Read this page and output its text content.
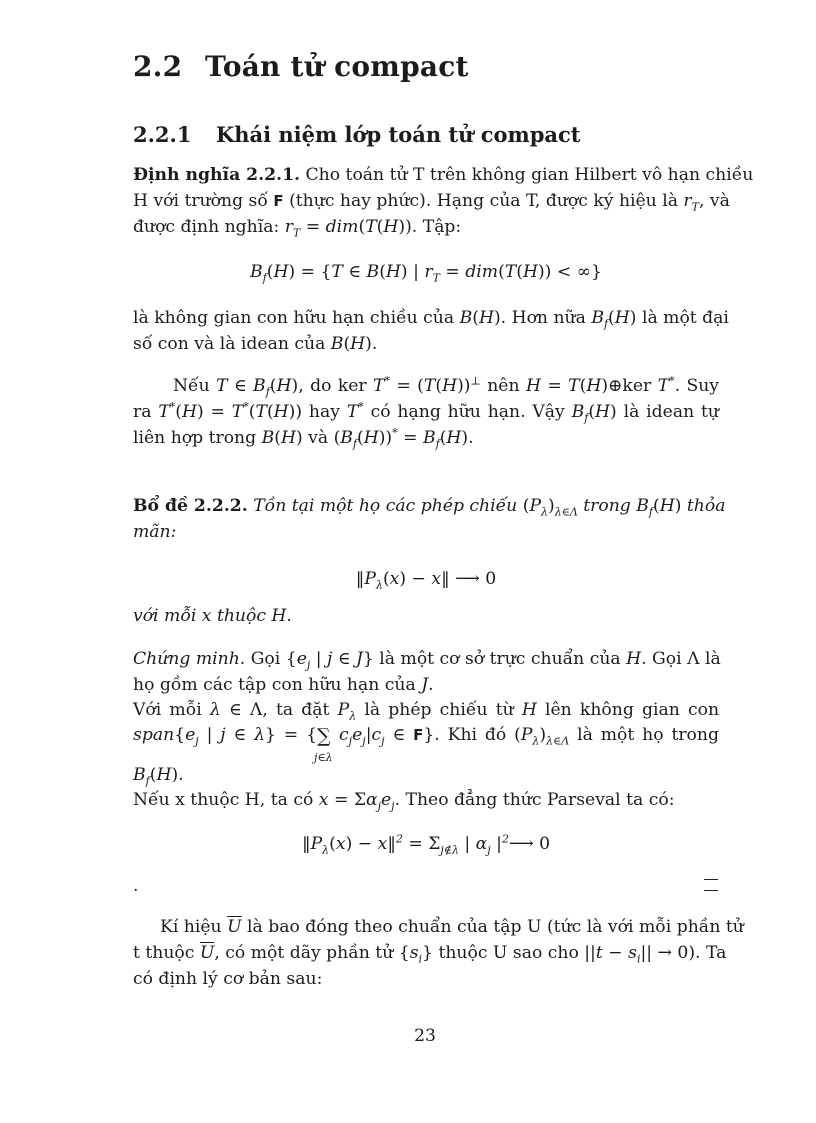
2.2 Toán tử compact
2.2.1 Khái niệm lớp toán tử compact
Định nghĩa 2.2.1. Cho toán tử T trên không gian Hilbert vô hạn chiều
H với trường số F (thực hay phức). Hạng của T, được ký hiệu là $r_T$, và
được định nghĩa: $r_T = dim(T(H))$. Tập:
$B_f(H) = \{T$ ∈ B(H) | $r_T = dim(T(H))$ < ∞}
là không gian con hữu hạn chiều của B(H). Hơn nữa $B_f(H)$ là một đại
số con và là idean của B(H).
Nếu T ∈ $B_f(H)$, do ker T* = (T(H))⊥ nên H = T(H)⊕ker T*. Suy
ra T*(H) = T*(T(H)) hay T* có hạng hữu hạn. Vậy $B_f(H)$ là idean tự
liên hợp trong B(H) và $(B_f(H))^* = B_f(H)$.
Bổ đề 2.2.2. Tồn tại một họ các phép chiếu $(P_\lambda)_{\lambda\in\Lambda}$ trong $B_f(H)$ thỏa
mãn:
$‖P_\lambda(x)$ − x‖ ⟶ 0
với mỗi x thuộc H.
Chứng minh. Gọi {$e_j$ | j ∈ J} là một cơ sở trực chuẩn của H. Gọi Λ là
họ gồm các tập con hữu hạn của J.
Với mỗi λ ∈ Λ, ta đặt $P_\lambda$ là phép chiếu từ H lên không gian con
$span\{e_j$ | j ∈ λ} = {∑
j∈λ
$c_je_j|c_j$ ∈ F}. Khi đó $(P_\lambda)_{\lambda\in\Lambda}$ là một họ trong
$B_f(H)$.
Nếu x thuộc H, ta có $x = \Sigma\alpha_je_j$. Theo đẳng thức Parseval ta có:
$‖P_\lambda(x)$ − x‖$^2$ = $\Sigma_{j\notin\lambda}$ | $\alpha_j$ $|^2⟶$ 0
.
Kí hiệu $\overline{U}$ là bao đóng theo chuẩn của tập U (tức là với mỗi phần tử
t thuộc $\overline{U}$, có một dãy phần tử $\{s_i\}$ thuộc U sao cho $||t - s_i|| \to 0$). Ta
có định lý cơ bản sau:
23
